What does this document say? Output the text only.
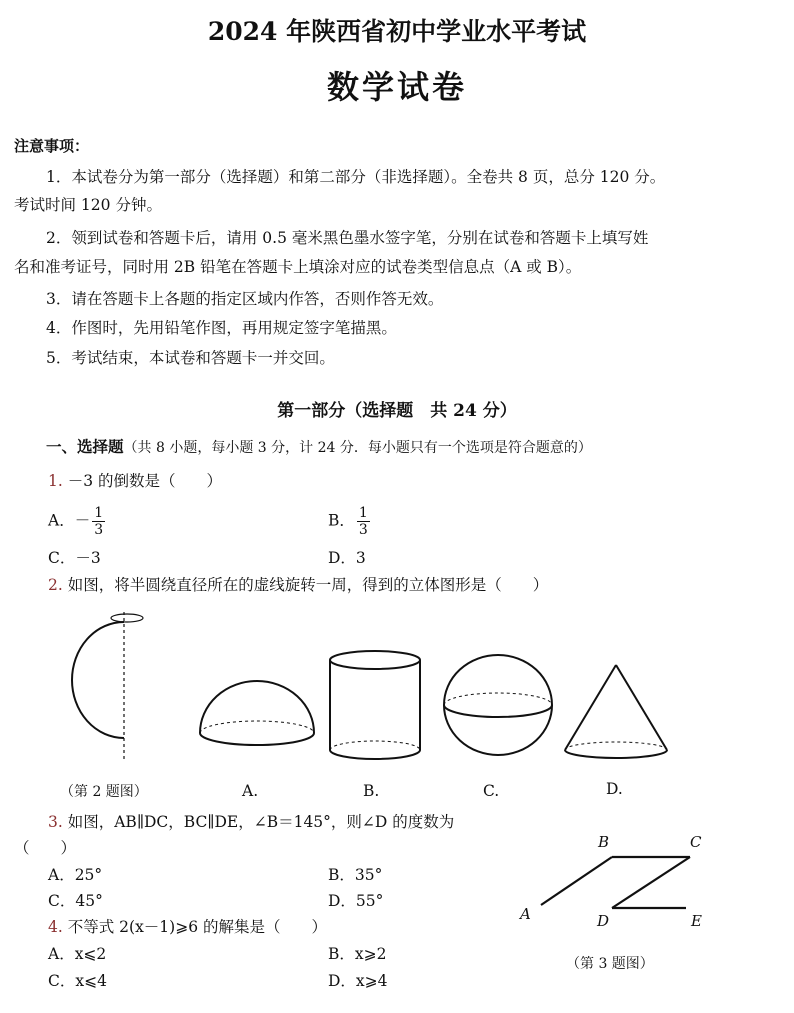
2024 年陕西省初中学业水平考试
数学试卷
注意事项：
1．本试卷分为第一部分（选择题）和第二部分（非选择题）。全卷共 8 页，总分 120 分。
考试时间 120 分钟。
2．领到试卷和答题卡后，请用 0.5 毫米黑色墨水签字笔，分别在试卷和答题卡上填写姓
名和准考证号，同时用 2B 铅笔在答题卡上填涂对应的试卷类型信息点（A 或 B）。
3．请在答题卡上各题的指定区域内作答，否则作答无效。
4．作图时，先用铅笔作图，再用规定签字笔描黑。
5．考试结束，本试卷和答题卡一并交回。
第一部分（选择题　共 24 分）
一、选择题（共 8 小题，每小题 3 分，计 24 分．每小题只有一个选项是符合题意的）
1. －3 的倒数是（　　）
A．－ $\frac{1}{3}$	B． $\frac{1}{3}$
C．－3	D．3
2. 如图，将半圆绕直径所在的虚线旋转一周，得到的立体图形是（　　）
（第 2 题图）	A.	B.	C.	D.
3. 如图，AB∥DC，BC∥DE，∠B＝145°，则∠D 的度数为
（　　）
A．25°	B．35°
C．45°	D．55°
A
B	C
D	E
（第 3 题图）
4. 不等式 2(x－1)⩾6 的解集是（　　）
A．x⩽2	B．x⩾2
C．x⩽4	D．x⩾4
